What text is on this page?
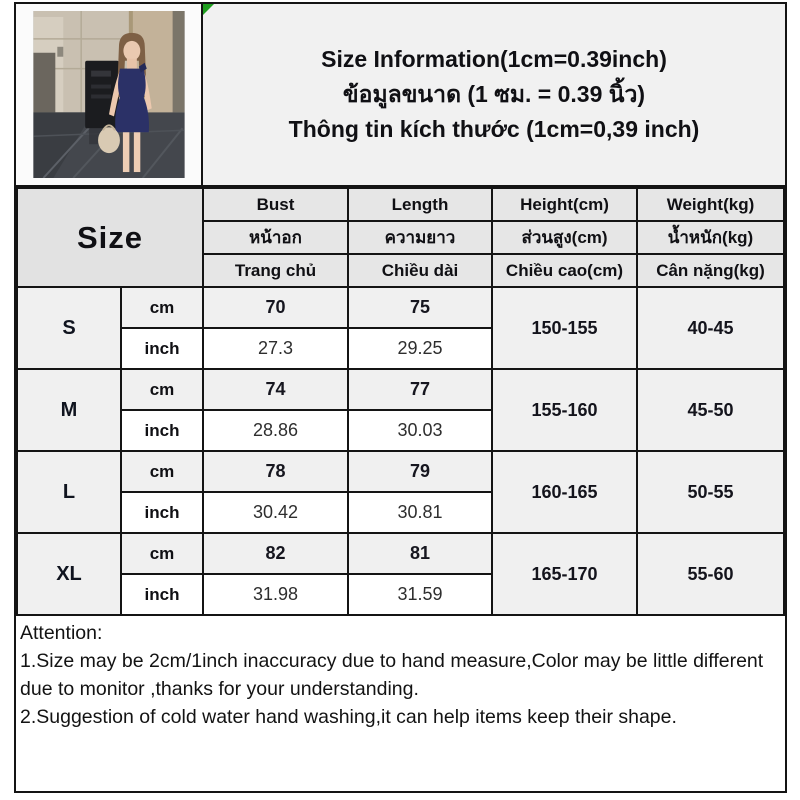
Size Information(1cm=0.39inch)
ข้อมูลขนาด (1 ซม. = 0.39 นิ้ว)
Thông tin kích thước (1cm=0,39 inch)
Size		Bust	Length	Height(cm)	Weight(kg)
		หน้าอก	ความยาว	ส่วนสูง(cm)	น้ำหนัก(kg)
		Trang chủ	Chiều dài	Chiều cao(cm)	Cân nặng(kg)
S	cm	70	75	150-155	40-45
	inch	27.3	29.25		
M	cm	74	77	155-160	45-50
	inch	28.86	30.03		
L	cm	78	79	160-165	50-55
	inch	30.42	30.81		
XL	cm	82	81	165-170	55-60
	inch	31.98	31.59		
Attention:
1.Size may be 2cm/1inch inaccuracy due to hand measure,Color may be little different
due to monitor ,thanks for your understanding.
2.Suggestion of cold water hand washing,it can help items keep their shape.
